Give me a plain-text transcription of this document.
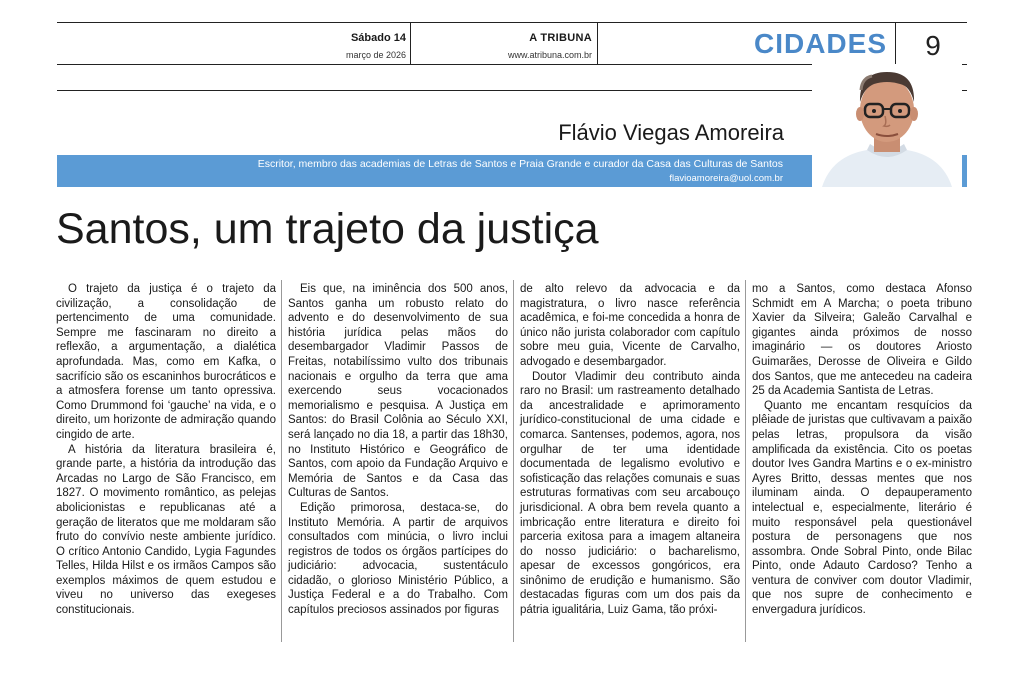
Sábado 14
março de 2026
A TRIBUNA
www.atribuna.com.br	CIDADES	9
Flávio Viegas Amoreira
Escritor, membro das academias de Letras de Santos e Praia Grande e curador da Casa das Culturas de Santos
flavioamoreira@uol.com.br
Santos, um trajeto da justiça

O trajeto da justiça é o trajeto da civilização, a consolidação de pertencimento de uma comunidade. Sempre me fascinaram no direito a reflexão, a argumentação, a dialética aprofundada. Mas, como em Kafka, o sacrifício são os escaninhos burocráticos e a atmosfera forense um tanto opressiva. Como Drummond foi ‘gauche’ na vida, e o direito, um horizonte de admiração quando cingido de arte.

A história da literatura brasileira é, grande parte, a história da introdução das Arcadas no Largo de São Francisco, em 1827. O movimento romântico, as pelejas abolicionistas e republicanas até a geração de literatos que me moldaram são fruto do convívio neste ambiente jurídico. O crítico Antonio Candido, Lygia Fagundes Telles, Hilda Hilst e os irmãos Campos são exemplos máximos de quem estudou e viveu no universo das exegeses constitucionais.

Eis que, na iminência dos 500 anos, Santos ganha um robusto relato do advento e do desenvolvimento de sua história jurídica pelas mãos do desembargador Vladimir Passos de Freitas, notabilíssimo vulto dos tribunais nacionais e orgulho da terra que ama exercendo seus vocacionados memorialismo e pesquisa. A Justiça em Santos: do Brasil Colônia ao Século XXI, será lançado no dia 18, a partir das 18h30, no Instituto Histórico e Geográfico de Santos, com apoio da Fundação Arquivo e Memória de Santos e da Casa das Culturas de Santos.

Edição primorosa, destaca-se, do Instituto Memória. A partir de arquivos consultados com minúcia, o livro inclui registros de todos os órgãos partícipes do judiciário: advocacia, sustentáculo cidadão, o glorioso Ministério Público, a Justiça Federal e a do Trabalho. Com capítulos preciosos assinados por figuras

de alto relevo da advocacia e da magistratura, o livro nasce referência acadêmica, e foi-me concedida a honra de único não jurista colaborador com capítulo sobre meu guia, Vicente de Carvalho, advogado e desembargador.

Doutor Vladimir deu contributo ainda raro no Brasil: um rastreamento detalhado da ancestralidade e aprimoramento jurídico-constitucional de uma cidade e comarca. Santenses, podemos, agora, nos orgulhar de ter uma identidade documentada de legalismo evolutivo e sofisticação das relações comunais e suas estruturas formativas com seu arcabouço jurisdicional. A obra bem revela quanto a imbricação entre literatura e direito foi parceria exitosa para a imagem altaneira do nosso judiciário: o bacharelismo, apesar de excessos gongóricos, era sinônimo de erudição e humanismo. São destacadas figuras com um dos pais da pátria igualitária, Luiz Gama, tão próxi-

mo a Santos, como destaca Afonso Schmidt em A Marcha; o poeta tribuno Xavier da Silveira; Galeão Carvalhal e gigantes ainda próximos de nosso imaginário — os doutores Ariosto Guimarães, Derosse de Oliveira e Gildo dos Santos, que me antecedeu na cadeira 25 da Academia Santista de Letras.

Quanto me encantam resquícios da plêiade de juristas que cultivavam a paixão pelas letras, propulsora da visão amplificada da existência. Cito os poetas doutor Ives Gandra Martins e o ex-ministro Ayres Britto, dessas mentes que nos iluminam ainda. O depauperamento intelectual e, especialmente, literário é muito responsável pela questionável postura de personagens que nos assombra. Onde Sobral Pinto, onde Bilac Pinto, onde Adauto Cardoso? Tenho a ventura de conviver com doutor Vladimir, que nos supre de conhecimento e envergadura jurídicos.
